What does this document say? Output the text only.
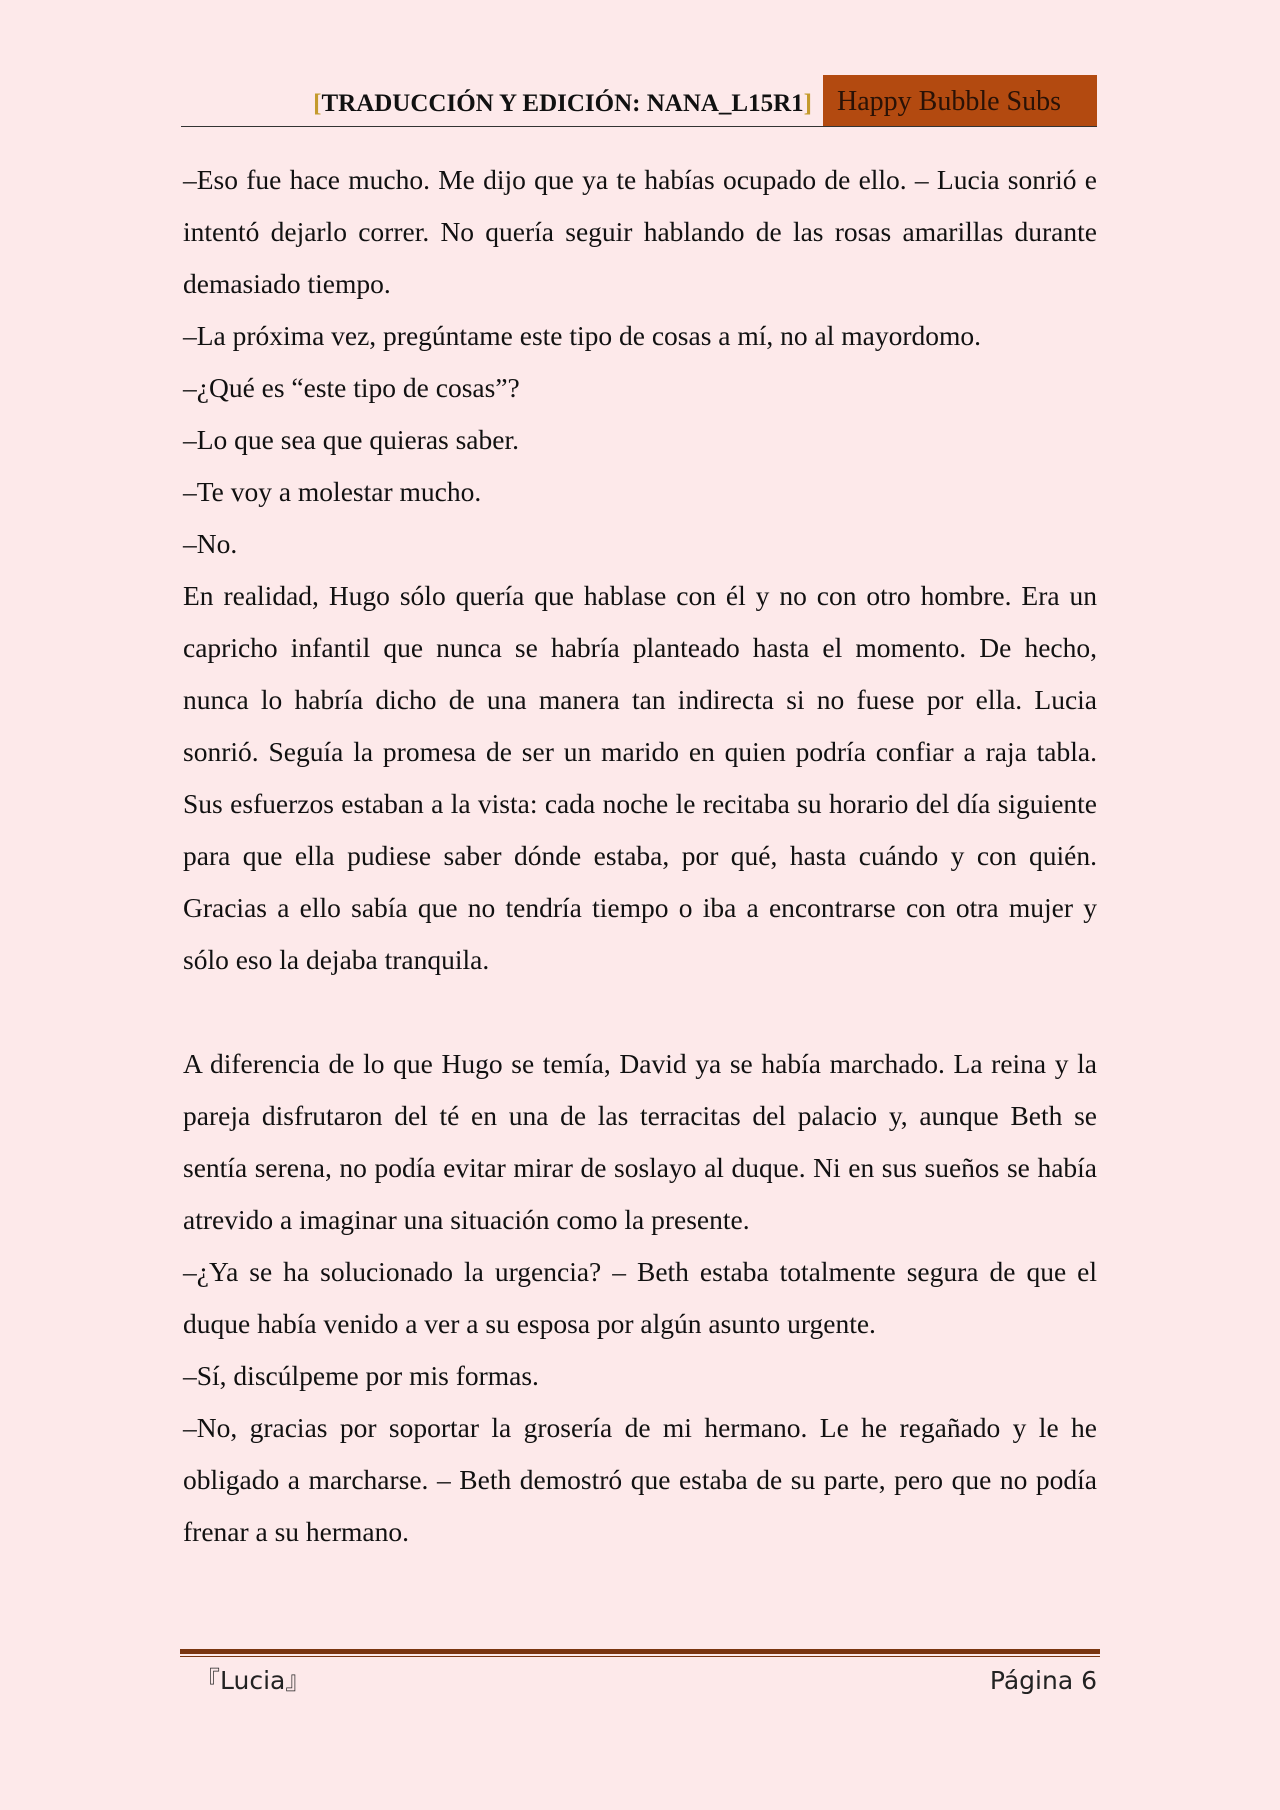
[TRADUCCIÓN Y EDICIÓN: NANA_L15R1] Happy Bubble Subs

–Eso fue hace mucho. Me dijo que ya te habías ocupado de ello. – Lucia sonrió e intentó dejarlo correr. No quería seguir hablando de las rosas amarillas durante demasiado tiempo.

–La próxima vez, pregúntame este tipo de cosas a mí, no al mayordomo.

–¿Qué es “este tipo de cosas”?

–Lo que sea que quieras saber.

–Te voy a molestar mucho.

–No.

En realidad, Hugo sólo quería que hablase con él y no con otro hombre. Era un capricho infantil que nunca se habría planteado hasta el momento. De hecho, nunca lo habría dicho de una manera tan indirecta si no fuese por ella. Lucia sonrió. Seguía la promesa de ser un marido en quien podría confiar a raja tabla. Sus esfuerzos estaban a la vista: cada noche le recitaba su horario del día siguiente para que ella pudiese saber dónde estaba, por qué, hasta cuándo y con quién. Gracias a ello sabía que no tendría tiempo o iba a encontrarse con otra mujer y sólo eso la dejaba tranquila.

A diferencia de lo que Hugo se temía, David ya se había marchado. La reina y la pareja disfrutaron del té en una de las terracitas del palacio y, aunque Beth se sentía serena, no podía evitar mirar de soslayo al duque. Ni en sus sueños se había atrevido a imaginar una situación como la presente.

–¿Ya se ha solucionado la urgencia? – Beth estaba totalmente segura de que el duque había venido a ver a su esposa por algún asunto urgente.

–Sí, discúlpeme por mis formas.

–No, gracias por soportar la grosería de mi hermano. Le he regañado y le he obligado a marcharse. – Beth demostró que estaba de su parte, pero que no podía frenar a su hermano.

『Lucia』	Página 6
